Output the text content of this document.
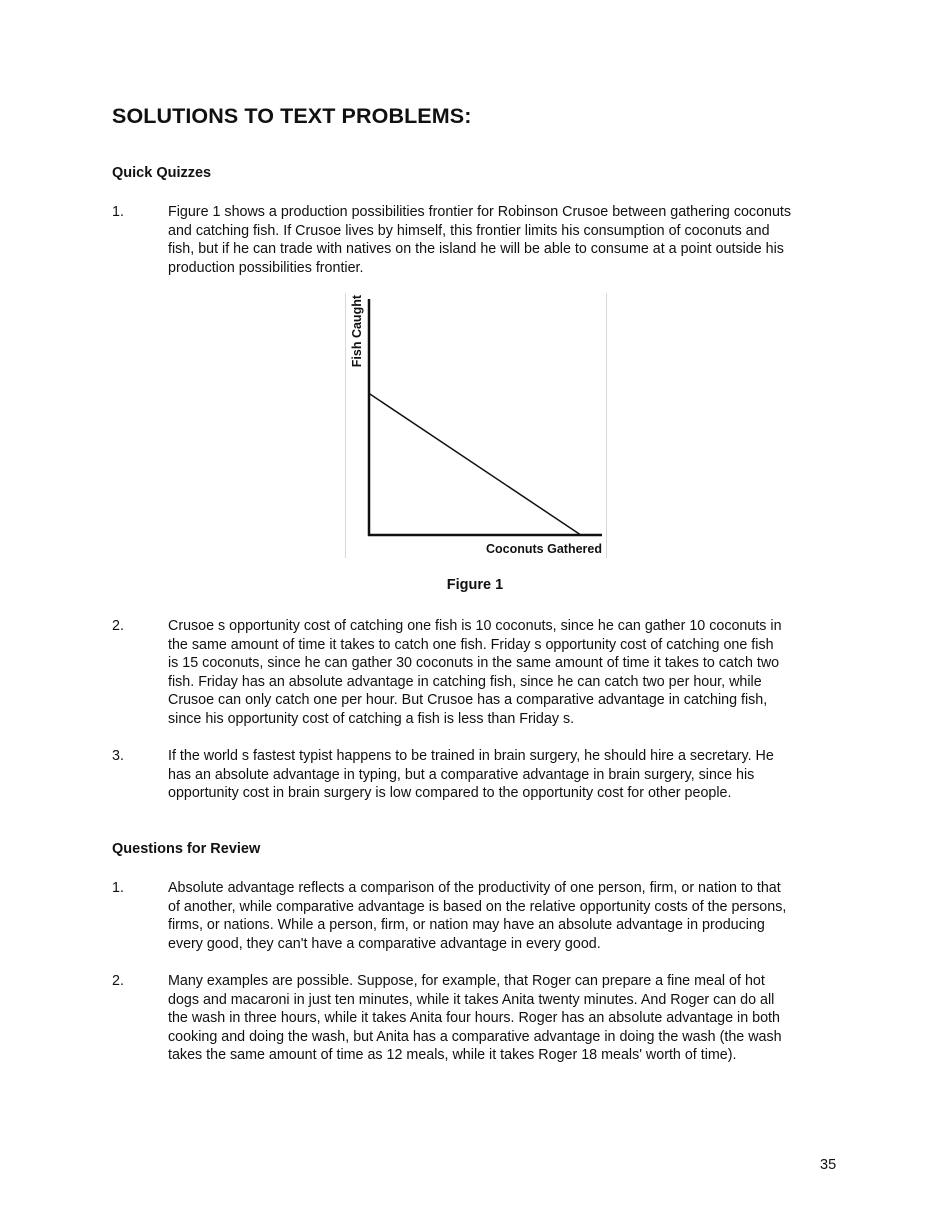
SOLUTIONS TO TEXT PROBLEMS:
Quick Quizzes
1.	Figure 1 shows a production possibilities frontier for Robinson Crusoe between gathering coconuts
and catching fish. If Crusoe lives by himself, this frontier limits his consumption of coconuts and
fish, but if he can trade with natives on the island he will be able to consume at a point outside his
production possibilities frontier.
Fish Caught
Coconuts Gathered
Figure 1
2.	Crusoe s opportunity cost of catching one fish is 10 coconuts, since he can gather 10 coconuts in
the same amount of time it takes to catch one fish. Friday s opportunity cost of catching one fish
is 15 coconuts, since he can gather 30 coconuts in the same amount of time it takes to catch two
fish. Friday has an absolute advantage in catching fish, since he can catch two per hour, while
Crusoe can only catch one per hour. But Crusoe has a comparative advantage in catching fish,
since his opportunity cost of catching a fish is less than Friday s.
3.	If the world s fastest typist happens to be trained in brain surgery, he should hire a secretary. He
has an absolute advantage in typing, but a comparative advantage in brain surgery, since his
opportunity cost in brain surgery is low compared to the opportunity cost for other people.
Questions for Review
1.	Absolute advantage reflects a comparison of the productivity of one person, firm, or nation to that
of another, while comparative advantage is based on the relative opportunity costs of the persons,
firms, or nations. While a person, firm, or nation may have an absolute advantage in producing
every good, they can't have a comparative advantage in every good.
2.	Many examples are possible. Suppose, for example, that Roger can prepare a fine meal of hot
dogs and macaroni in just ten minutes, while it takes Anita twenty minutes. And Roger can do all
the wash in three hours, while it takes Anita four hours. Roger has an absolute advantage in both
cooking and doing the wash, but Anita has a comparative advantage in doing the wash (the wash
takes the same amount of time as 12 meals, while it takes Roger 18 meals' worth of time).
35
